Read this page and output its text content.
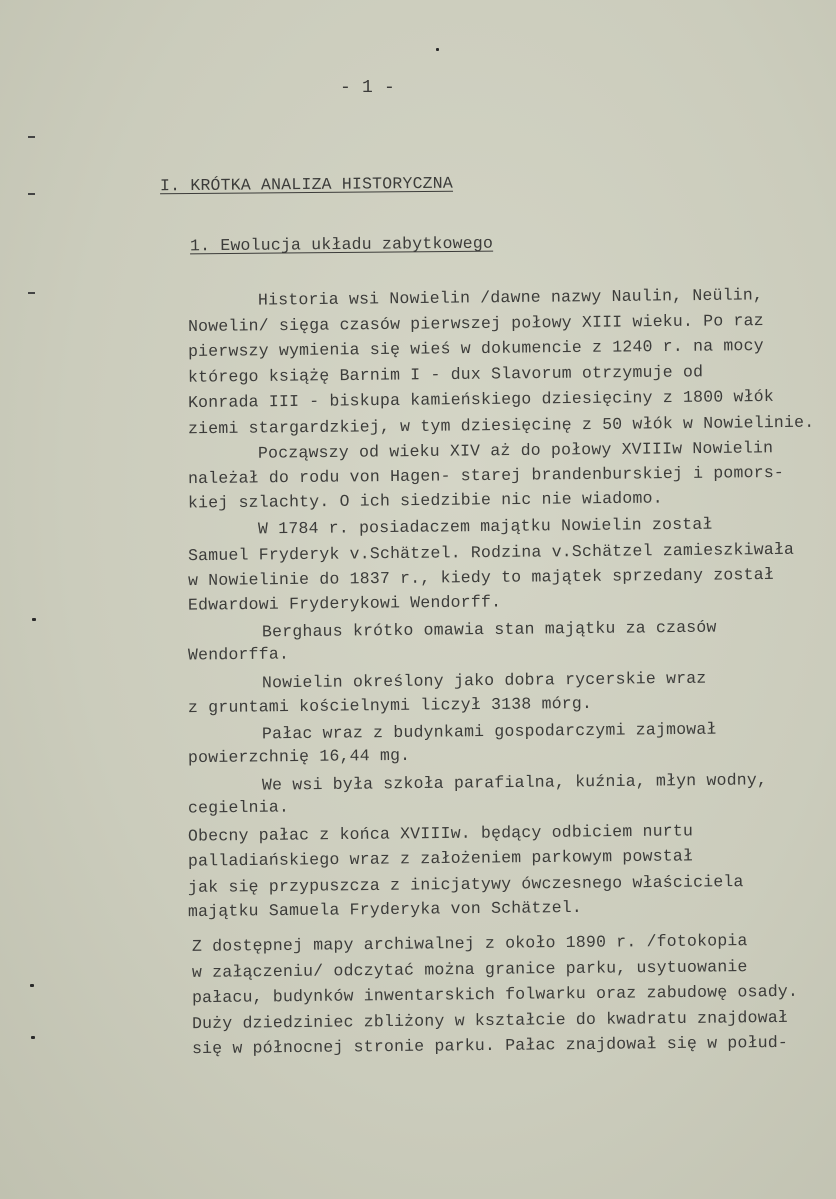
- 1 -
I. KRÓTKA ANALIZA HISTORYCZNA
1. Ewolucja układu zabytkowego
Historia wsi Nowielin /dawne nazwy Naulin, Neülin,
Nowelin/ sięga czasów pierwszej połowy XIII wieku. Po raz
pierwszy wymienia się wieś w dokumencie z 1240 r. na mocy
którego książę Barnim I - dux Slavorum otrzymuje od
Konrada III - biskupa kamieńskiego dziesięciny z 1800 włók
ziemi stargardzkiej, w tym dziesięcinę z 50 włók w Nowielinie.
Począwszy od wieku XIV aż do połowy XVIIIw Nowielin
należał do rodu von Hagen- starej brandenburskiej i pomors-
kiej szlachty. O ich siedzibie nic nie wiadomo.
W 1784 r. posiadaczem majątku Nowielin został
Samuel Fryderyk v.Schätzel. Rodzina v.Schätzel zamieszkiwała
w Nowielinie do 1837 r., kiedy to majątek sprzedany został
Edwardowi Fryderykowi Wendorff.
Berghaus krótko omawia stan majątku za czasów
Wendorffa.
Nowielin określony jako dobra rycerskie wraz
z gruntami kościelnymi liczył 3138 mórg.
Pałac wraz z budynkami gospodarczymi zajmował
powierzchnię 16,44 mg.
We wsi była szkoła parafialna, kuźnia, młyn wodny,
cegielnia.
Obecny pałac z końca XVIIIw. będący odbiciem nurtu
palladiańskiego wraz z założeniem parkowym powstał
jak się przypuszcza z inicjatywy ówczesnego właściciela
majątku Samuela Fryderyka von Schätzel.
Z dostępnej mapy archiwalnej z około 1890 r. /fotokopia
w załączeniu/ odczytać można granice parku, usytuowanie
pałacu, budynków inwentarskich folwarku oraz zabudowę osady.
Duży dziedziniec zbliżony w kształcie do kwadratu znajdował
się w północnej stronie parku. Pałac znajdował się w połud-
